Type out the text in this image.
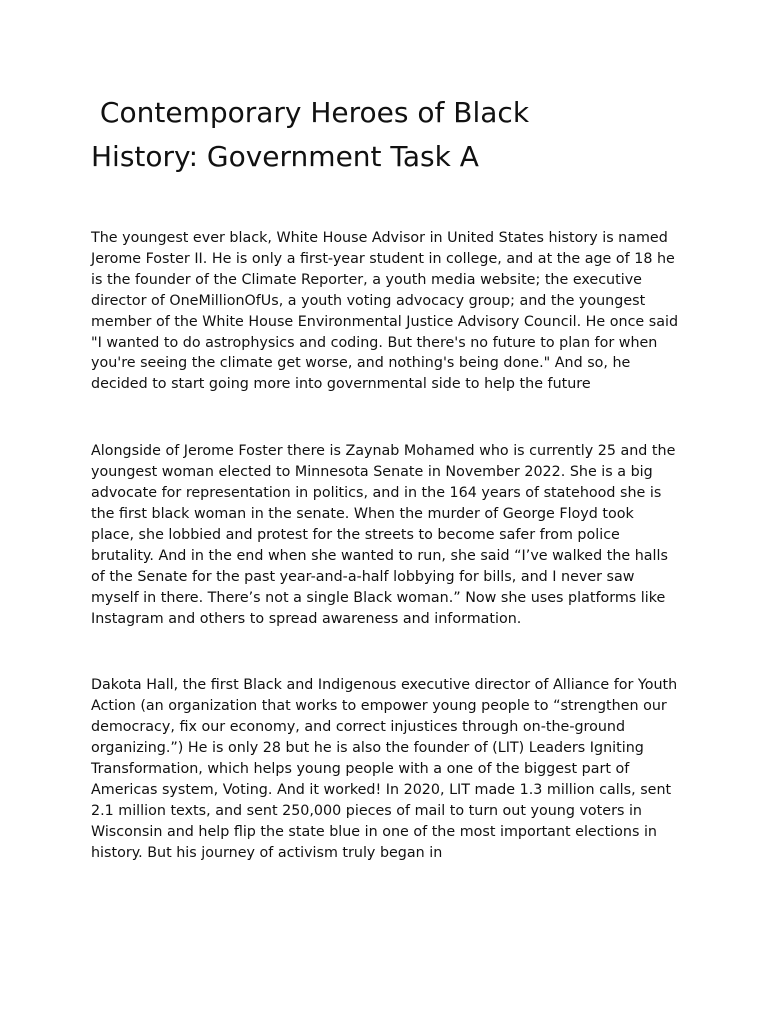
Contemporary Heroes of Black History: Government Task A

The youngest ever black, White House Advisor in United States history is named Jerome Foster II. He is only a first-year student in college, and at the age of 18 he is the founder of the Climate Reporter, a youth media website; the executive director of OneMillionOfUs, a youth voting advocacy group; and the youngest member of the White House Environmental Justice Advisory Council. He once said "I wanted to do astrophysics and coding. But there's no future to plan for when you're seeing the climate get worse, and nothing's being done." And so, he decided to start going more into governmental side to help the future

Alongside of Jerome Foster there is Zaynab Mohamed who is currently 25 and the youngest woman elected to Minnesota Senate in November 2022. She is a big advocate for representation in politics, and in the 164 years of statehood she is the first black woman in the senate. When the murder of George Floyd took place, she lobbied and protest for the streets to become safer from police brutality. And in the end when she wanted to run, she said “I’ve walked the halls of the Senate for the past year-and-a-half lobbying for bills, and I never saw myself in there. There’s not a single Black woman.” Now she uses platforms like Instagram and others to spread awareness and information.

Dakota Hall, the first Black and Indigenous executive director of Alliance for Youth Action (an organization that works to empower young people to “strengthen our democracy, fix our economy, and correct injustices through on-the-ground organizing.”) He is only 28 but he is also the founder of (LIT) Leaders Igniting Transformation, which helps young people with a one of the biggest part of Americas system, Voting. And it worked! In 2020, LIT made 1.3 million calls, sent 2.1 million texts, and sent 250,000 pieces of mail to turn out young voters in Wisconsin and help flip the state blue in one of the most important elections in history. But his journey of activism truly began in
